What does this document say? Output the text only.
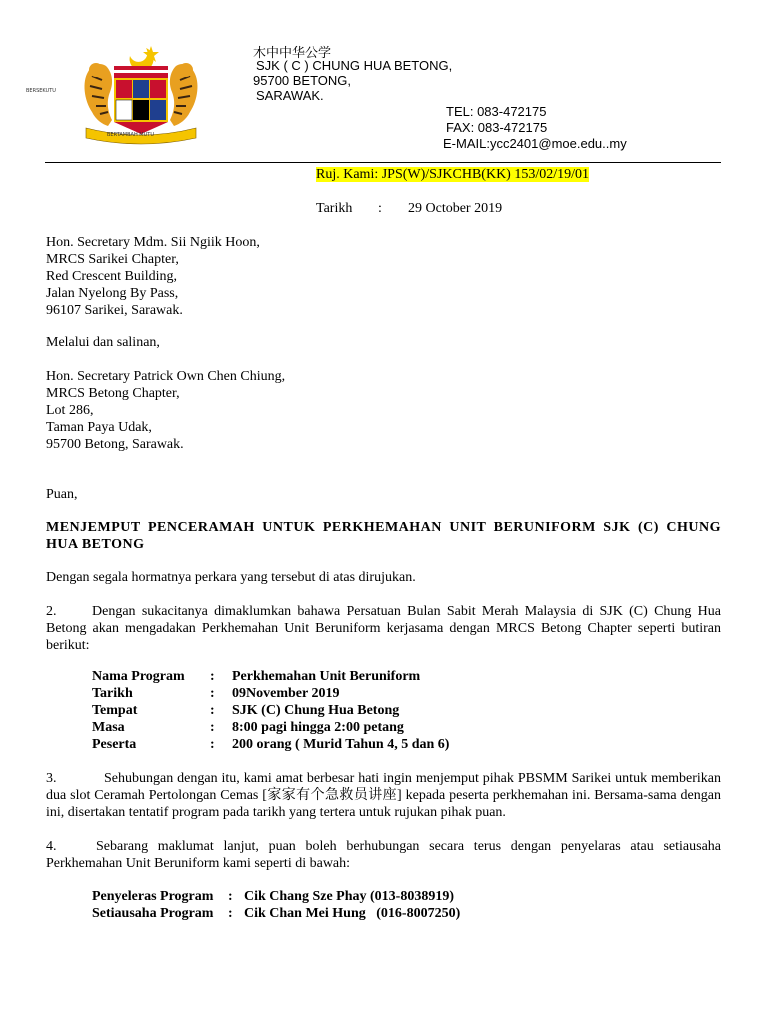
BERSEKUTU
BERTAMBAH MUTU
木中中华公学
SJK ( C ) CHUNG HUA BETONG,
95700 BETONG,
SARAWAK.
TEL: 083-472175
FAX: 083-472175
E-MAIL:ycc2401@moe.edu..my
Ruj. Kami: JPS(W)/SJKCHB(KK) 153/02/19/01
Tarikh : 29 October 2019
Hon. Secretary Mdm. Sii Ngiik Hoon,
MRCS Sarikei Chapter,
Red Crescent Building,
Jalan Nyelong By Pass,
96107 Sarikei, Sarawak.
Melalui dan salinan,
Hon. Secretary Patrick Own Chen Chiung,
MRCS Betong Chapter,
Lot 286,
Taman Paya Udak,
95700 Betong, Sarawak.
Puan,
MENJEMPUT PENCERAMAH UNTUK PERKHEMAHAN UNIT BERUNIFORM SJK (C) CHUNG HUA BETONG
Dengan segala hormatnya perkara yang tersebut di atas dirujukan.
2.	Dengan sukacitanya dimaklumkan bahawa Persatuan Bulan Sabit Merah Malaysia di SJK (C) Chung Hua Betong akan mengadakan Perkhemahan Unit Beruniform kerjasama dengan MRCS Betong Chapter seperti butiran berikut:
Nama Program	:	Perkhemahan Unit Beruniform
Tarikh	:	09November 2019
Tempat	:	SJK (C) Chung Hua Betong
Masa	:	8:00 pagi hingga 2:00 petang
Peserta	:	200 orang ( Murid Tahun 4, 5 dan 6)
3.	Sehubungan dengan itu, kami amat berbesar hati ingin menjemput pihak PBSMM Sarikei untuk memberikan dua slot Ceramah Pertolongan Cemas [家家有个急救员讲座] kepada peserta perkhemahan ini. Bersama-sama dengan ini, disertakan tentatif program pada tarikh yang tertera untuk rujukan pihak puan.
4.	Sebarang maklumat lanjut, puan boleh berhubungan secara terus dengan penyelaras atau setiausaha Perkhemahan Unit Beruniform kami seperti di bawah:
Penyeleras Program	:	Cik Chang Sze Phay (013-8038919)
Setiausaha Program	:	Cik Chan Mei Hung   (016-8007250)
